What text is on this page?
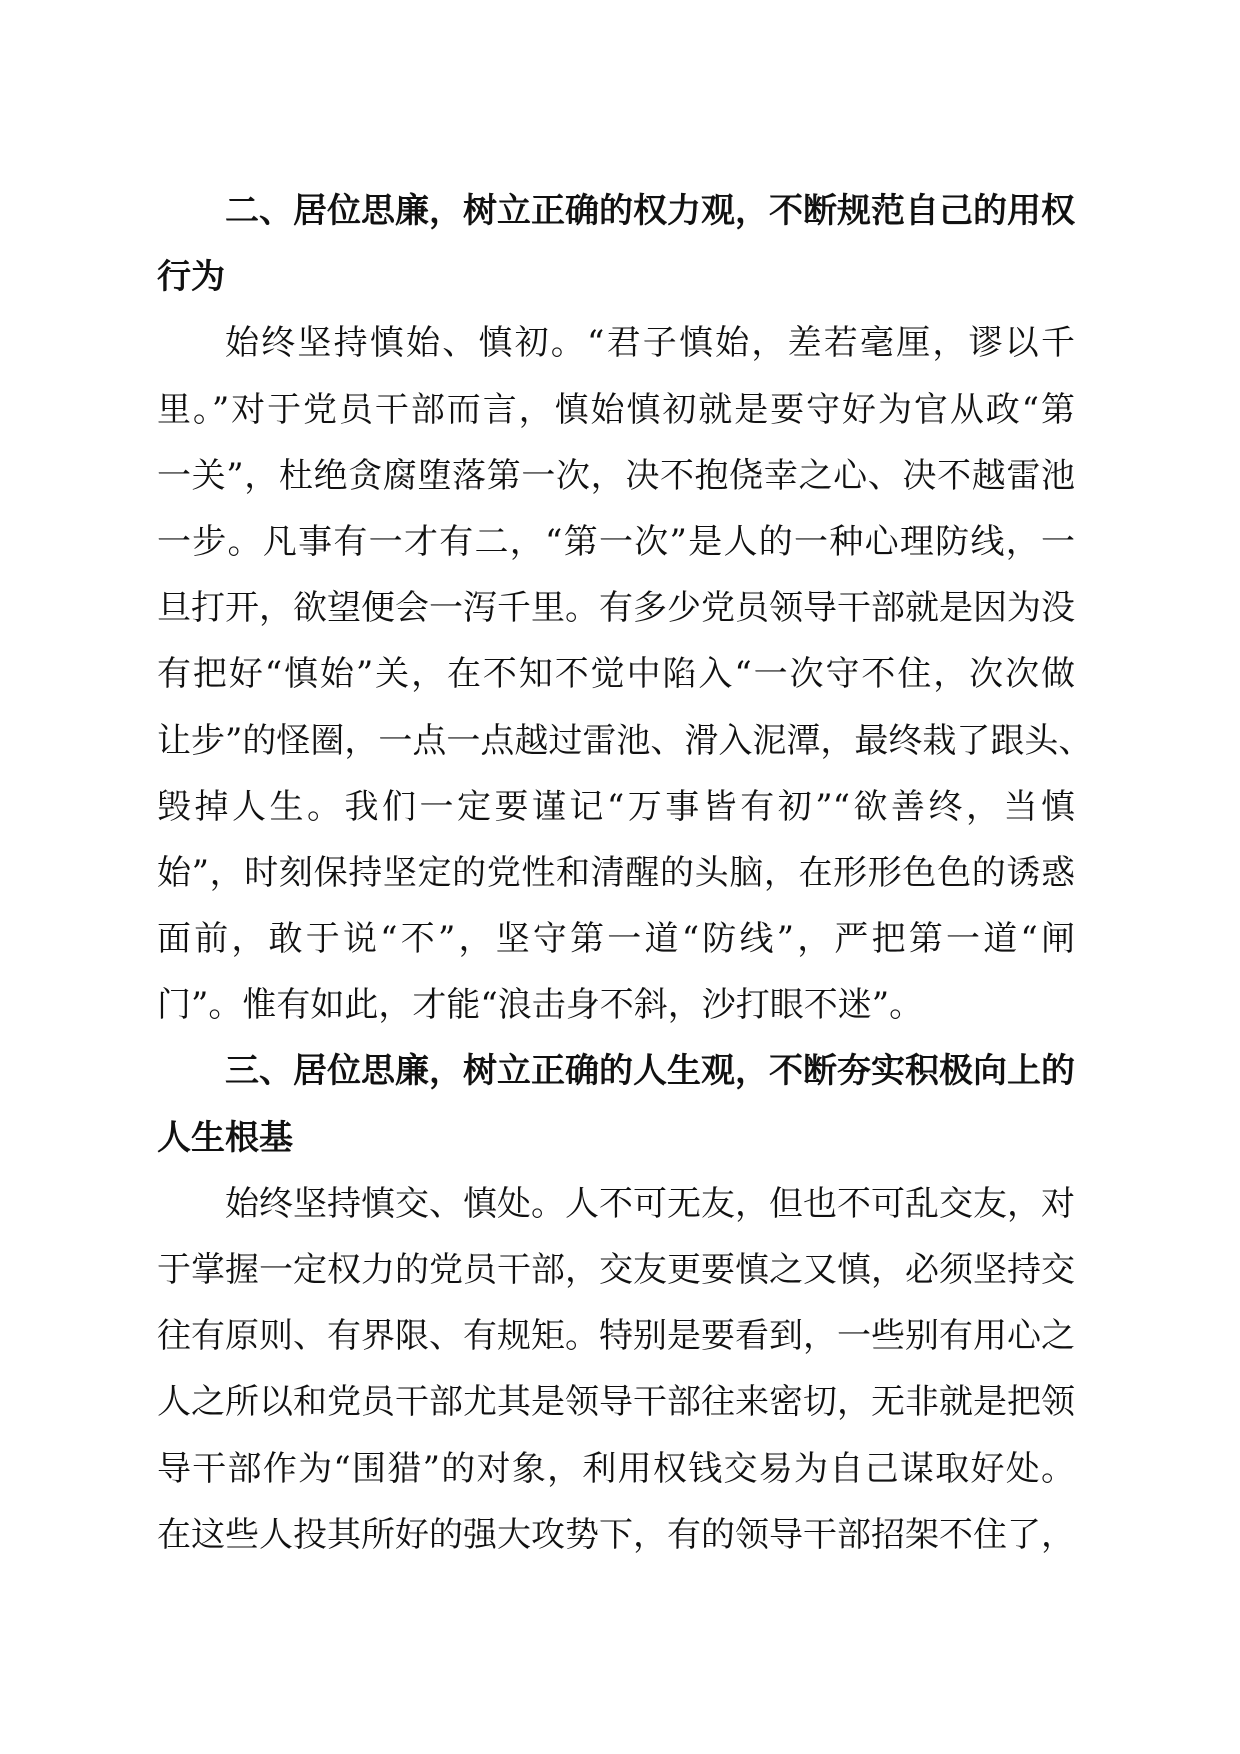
二、居位思廉，树立正确的权力观，不断规范自己的用权
行为
始终坚持慎始、慎初。“君子慎始，差若毫厘，谬以千
里。”对于党员干部而言，慎始慎初就是要守好为官从政“第
一关”，杜绝贪腐堕落第一次，决不抱侥幸之心、决不越雷池
一步。凡事有一才有二，“第一次”是人的一种心理防线，一
旦打开，欲望便会一泻千里。有多少党员领导干部就是因为没
有把好“慎始”关，在不知不觉中陷入“一次守不住，次次做
让步”的怪圈，一点一点越过雷池、滑入泥潭，最终栽了跟头、
毁掉人生。我们一定要谨记“万事皆有初”“欲善终，当慎
始”，时刻保持坚定的党性和清醒的头脑，在形形色色的诱惑
面前，敢于说“不”，坚守第一道“防线”，严把第一道“闸
门”。惟有如此，才能“浪击身不斜，沙打眼不迷”。
三、居位思廉，树立正确的人生观，不断夯实积极向上的
人生根基
始终坚持慎交、慎处。人不可无友，但也不可乱交友，对
于掌握一定权力的党员干部，交友更要慎之又慎，必须坚持交
往有原则、有界限、有规矩。特别是要看到，一些别有用心之
人之所以和党员干部尤其是领导干部往来密切，无非就是把领
导干部作为“围猎”的对象，利用权钱交易为自己谋取好处。
在这些人投其所好的强大攻势下，有的领导干部招架不住了，
